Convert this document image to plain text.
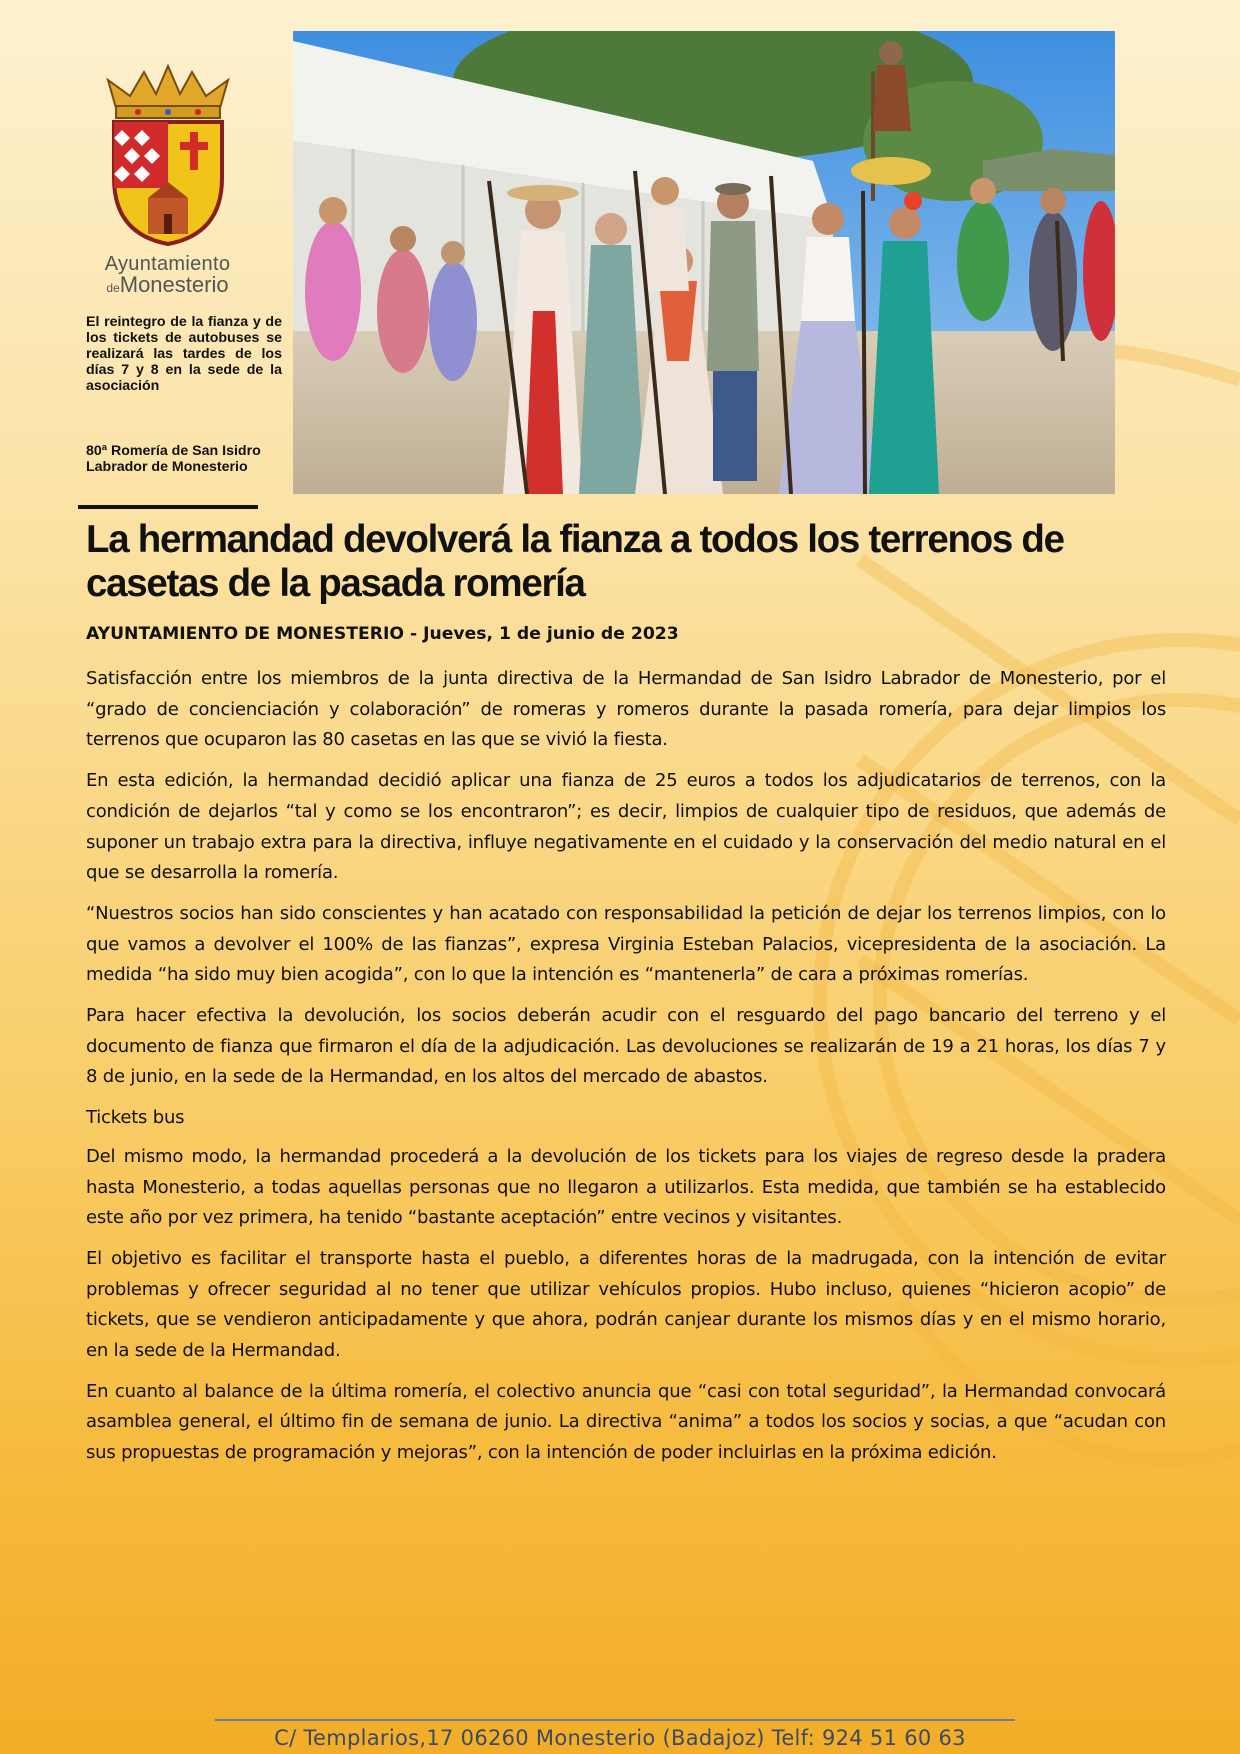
Ayuntamiento
deMonesterio
El reintegro de la fianza y de los tickets de autobuses se realizará las tardes de los días 7 y 8 en la sede de la asociación
80ª Romería de San Isidro Labrador de Monesterio
La hermandad devolverá la fianza a todos los terrenos de casetas de la pasada romería

AYUNTAMIENTO DE MONESTERIO - Jueves, 1 de junio de 2023

Satisfacción entre los miembros de la junta directiva de la Hermandad de San Isidro Labrador de Monesterio, por el “grado de concienciación y colaboración” de romeras y romeros durante la pasada romería, para dejar limpios los terrenos que ocuparon las 80 casetas en las que se vivió la fiesta.

En esta edición, la hermandad decidió aplicar una fianza de 25 euros a todos los adjudicatarios de terrenos, con la condición de dejarlos “tal y como se los encontraron”; es decir, limpios de cualquier tipo de residuos, que además de suponer un trabajo extra para la directiva, influye negativamente en el cuidado y la conservación del medio natural en el que se desarrolla la romería.

“Nuestros socios han sido conscientes y han acatado con responsabilidad la petición de dejar los terrenos limpios, con lo que vamos a devolver el 100% de las fianzas”, expresa Virginia Esteban Palacios, vicepresidenta de la asociación. La medida “ha sido muy bien acogida”, con lo que la intención es “mantenerla” de cara a próximas romerías.

Para hacer efectiva la devolución, los socios deberán acudir con el resguardo del pago bancario del terreno y el documento de fianza que firmaron el día de la adjudicación. Las devoluciones se realizarán de 19 a 21 horas, los días 7 y 8 de junio, en la sede de la Hermandad, en los altos del mercado de abastos.

Tickets bus

Del mismo modo, la hermandad procederá a la devolución de los tickets para los viajes de regreso desde la pradera hasta Monesterio, a todas aquellas personas que no llegaron a utilizarlos. Esta medida, que también se ha establecido este año por vez primera, ha tenido “bastante aceptación” entre vecinos y visitantes.

El objetivo es facilitar el transporte hasta el pueblo, a diferentes horas de la madrugada, con la intención de evitar problemas y ofrecer seguridad al no tener que utilizar vehículos propios. Hubo incluso, quienes “hicieron acopio” de tickets, que se vendieron anticipadamente y que ahora, podrán canjear durante los mismos días y en el mismo horario, en la sede de la Hermandad.

En cuanto al balance de la última romería, el colectivo anuncia que “casi con total seguridad”, la Hermandad convocará asamblea general, el último fin de semana de junio. La directiva “anima” a todos los socios y socias, a que “acudan con sus propuestas de programación y mejoras”, con la intención de poder incluirlas en la próxima edición.

C/ Templarios,17 06260 Monesterio (Badajoz) Telf: 924 51 60 63
